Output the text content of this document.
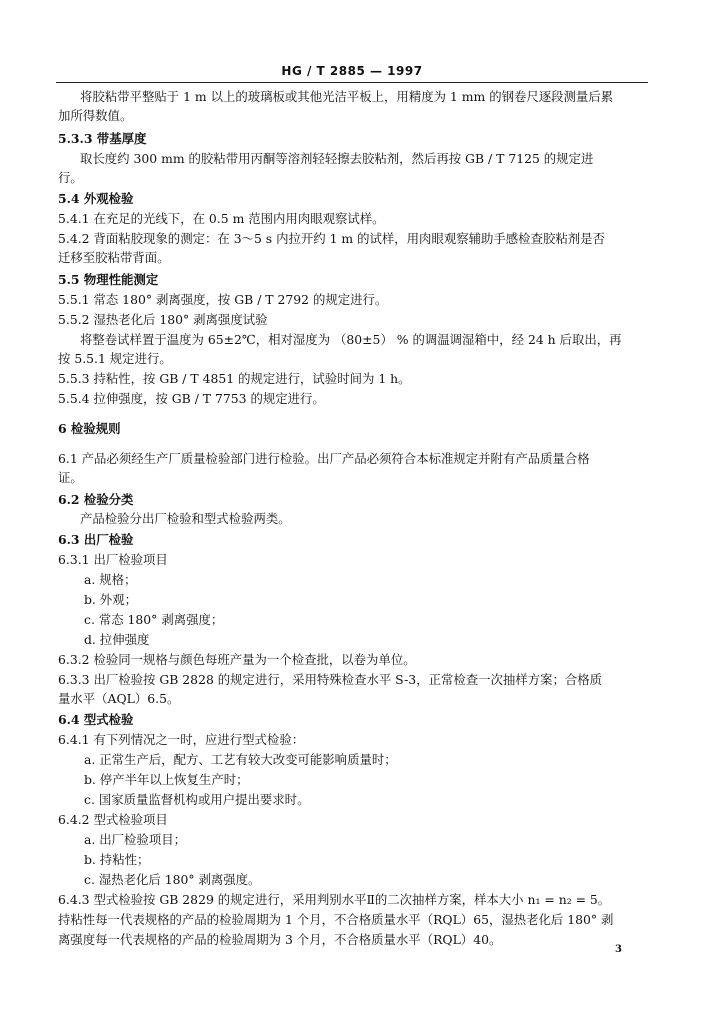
HG / T 2885 — 1997
将胶粘带平整贴于 1 m 以上的玻璃板或其他光洁平板上，用精度为 1 mm 的钢卷尺逐段测量后累
加所得数值。
5.3.3 带基厚度
取长度约 300 mm 的胶粘带用丙酮等溶剂轻轻擦去胶粘剂，然后再按 GB / T 7125 的规定进
行。
5.4 外观检验
5.4.1 在充足的光线下，在 0.5 m 范围内用肉眼观察试样。
5.4.2 背面粘胶现象的测定：在 3～5 s 内拉开约 1 m 的试样，用肉眼观察辅助手感检查胶粘剂是否
迁移至胶粘带背面。
5.5 物理性能测定
5.5.1 常态 180° 剥离强度，按 GB / T 2792 的规定进行。
5.5.2 湿热老化后 180° 剥离强度试验
将整卷试样置于温度为 65±2℃，相对湿度为 （80±5） % 的调温调湿箱中，经 24 h 后取出，再
按 5.5.1 规定进行。
5.5.3 持粘性，按 GB / T 4851 的规定进行，试验时间为 1 h。
5.5.4 拉伸强度，按 GB / T 7753 的规定进行。
6 检验规则
6.1 产品必须经生产厂质量检验部门进行检验。出厂产品必须符合本标准规定并附有产品质量合格
证。
6.2 检验分类
产品检验分出厂检验和型式检验两类。
6.3 出厂检验
6.3.1 出厂检验项目
a. 规格；
b. 外观；
c. 常态 180° 剥离强度；
d. 拉伸强度
6.3.2 检验同一规格与颜色每班产量为一个检查批，以卷为单位。
6.3.3 出厂检验按 GB 2828 的规定进行，采用特殊检查水平 S-3，正常检查一次抽样方案；合格质
量水平（AQL）6.5。
6.4 型式检验
6.4.1 有下列情况之一时，应进行型式检验：
a. 正常生产后，配方、工艺有较大改变可能影响质量时；
b. 停产半年以上恢复生产时；
c. 国家质量监督机构或用户提出要求时。
6.4.2 型式检验项目
a. 出厂检验项目；
b. 持粘性；
c. 湿热老化后 180° 剥离强度。
6.4.3 型式检验按 GB 2829 的规定进行，采用判别水平Ⅱ的二次抽样方案，样本大小 n₁ = n₂ = 5。
持粘性每一代表规格的产品的检验周期为 1 个月，不合格质量水平（RQL）65，湿热老化后 180° 剥
离强度每一代表规格的产品的检验周期为 3 个月，不合格质量水平（RQL）40。
3
